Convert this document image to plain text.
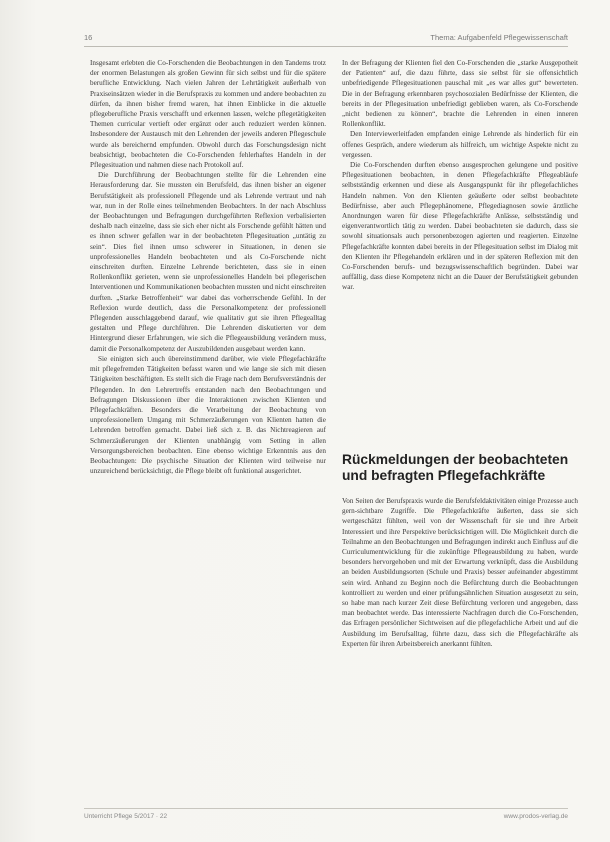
16	Thema: Aufgabenfeld Pflegewissenschaft

Insgesamt erlebten die Co-Forschenden die Beobachtungen in den Tandems trotz der enormen Belastungen als großen Gewinn für sich selbst und für die spätere berufliche Entwicklung. Nach vielen Jahren der Lehrtätigkeit außerhalb von Praxiseinsätzen wieder in die Berufspraxis zu kommen und andere beobachten zu dürfen, da ihnen bisher fremd waren, hat ihnen Einblicke in die aktuelle pflegeberufliche Praxis verschafft und erkennen lassen, welche pflegetätigkeiten Themen curricular vertieft oder ergänzt oder auch reduziert werden können. Insbesondere der Austausch mit den Lehrenden der jeweils anderen Pflegeschule wurde als bereichernd empfunden. Obwohl durch das Forschungsdesign nicht beabsichtigt, beobachteten die Co-Forschenden fehlerhaftes Handeln in der Pflegesituation und nahmen diese nach Protokoll auf.

Die Durchführung der Beobachtungen stellte für die Lehrenden eine Herausforderung dar. Sie mussten ein Berufsfeld, das ihnen bisher an eigener Berufstätigkeit als professionell Pflegende und als Lehrende vertraut und nah war, nun in der Rolle eines teilnehmenden Beobachters. In der nach Abschluss der Beobachtungen und Befragungen durchgeführten Reflexion verbalisierten deshalb nach einzelne, dass sie sich eher nicht als Forschende gefühlt hätten und es ihnen schwer gefallen war in der beobachteten Pflegesituation „untätig zu sein“. Dies fiel ihnen umso schwerer in Situationen, in denen sie unprofessionelles Handeln beobachteten und als Co-Forschende nicht einschreiten durften. Einzelne Lehrende berichteten, dass sie in einen Rollenkonflikt gerieten, wenn sie unprofessionelles Handeln bei pflegerischen Interventionen und Kommunikationen beobachten mussten und nicht einschreiten durften. „Starke Betroffenheit“ war dabei das vorherrschende Gefühl. In der Reflexion wurde deutlich, dass die Personalkompetenz der professionell Pflegenden ausschlaggebend darauf, wie qualitativ gut sie ihren Pflegealltag gestalten und Pflege durchführen. Die Lehrenden diskutierten vor dem Hintergrund dieser Erfahrungen, wie sich die Pflegeausbildung verändern muss, damit die Personalkompetenz der Auszubildenden ausgebaut werden kann.

Sie einigten sich auch übereinstimmend darüber, wie viele Pflegefachkräfte mit pflegefremden Tätigkeiten befasst waren und wie lange sie sich mit diesen Tätigkeiten beschäftigten. Es stellt sich die Frage nach dem Berufsverständnis der Pflegenden. In den Lehrertreffs entstanden nach den Beobachtungen und Befragungen Diskussionen über die Interaktionen zwischen Klienten und Pflegefachkräften. Besonders die Verarbeitung der Beobachtung von unprofessionellem Umgang mit Schmerzäußerungen von Klienten hatten die Lehrenden betroffen gemacht. Dabei ließ sich z. B. das Nichtreagieren auf Schmerzäußerungen der Klienten unabhängig vom Setting in allen Versorgungsbereichen beobachten. Eine ebenso wichtige Erkenntnis aus den Beobachtungen: Die psychische Situation der Klienten wird teilweise nur unzureichend berücksichtigt, die Pflege bleibt oft funktional ausgerichtet.

In der Befragung der Klienten fiel den Co-Forschenden die „starke Ausgepotheit der Patienten“ auf, die dazu führte, dass sie selbst für sie offensichtlich unbefriedigende Pflegesituationen pauschal mit „es war alles gut“ bewerteten. Die in der Befragung erkennbaren psychosozialen Bedürfnisse der Klienten, die bereits in der Pflegesituation unbefriedigt geblieben waren, als Co-Forschende „nicht bedienen zu können“, brachte die Lehrenden in einen inneren Rollenkonflikt.

Den Interviewerleitfaden empfanden einige Lehrende als hinderlich für ein offenes Gespräch, andere wiederum als hilfreich, um wichtige Aspekte nicht zu vergessen.

Die Co-Forschenden durften ebenso ausgesprochen gelungene und positive Pflegesituationen beobachten, in denen Pflegefachkräfte Pflegeabläufe selbstständig erkennen und diese als Ausgangspunkt für ihr pflegefachliches Handeln nahmen. Von den Klienten geäußerte oder selbst beobachtete Bedürfnisse, aber auch Pflegephänomene, Pflegediagnosen sowie ärztliche Anordnungen waren für diese Pflegefachkräfte Anlässe, selbstständig und eigenverantwortlich tätig zu werden. Dabei beobachteten sie dadurch, dass sie sowohl situationsals auch personenbezogen agierten und reagierten. Einzelne Pflegefachkräfte konnten dabei bereits in der Pflegesituation selbst im Dialog mit den Klienten ihr Pflegehandeln erklären und in der späteren Reflexion mit den Co-Forschenden berufs- und bezugswissenschaftlich begründen. Dabei war auffällig, dass diese Kompetenz nicht an die Dauer der Berufstätigkeit gebunden war.

Rückmeldungen der beobachteten und befragten Pflegefachkräfte

Von Seiten der Berufspraxis wurde die Berufsfeldaktivitäten einige Prozesse auch gern-sichtbare Zugriffe. Die Pflegefachkräfte äußerten, dass sie sich wertgeschätzt fühlten, weil von der Wissenschaft für sie und ihre Arbeit Interessiert und ihre Perspektive berücksichtigen will. Die Möglichkeit durch die Teilnahme an den Beobachtungen und Befragungen indirekt auch Einfluss auf die Curriculumentwicklung für die zukünftige Pflegeausbildung zu haben, wurde besonders hervorgehoben und mit der Erwartung verknüpft, dass die Ausbildung an beiden Ausbildungsorten (Schule und Praxis) besser aufeinander abgestimmt sein wird. Anhand zu Beginn noch die Befürchtung durch die Beobachtungen kontrolliert zu werden und einer prüfungsähnlichen Situation ausgesetzt zu sein, so habe man nach kurzer Zeit diese Befürchtung verloren und angegeben, dass man beobachtet werde. Das interessierte Nachfragen durch die Co-Forschenden, das Erfragen persönlicher Sichtweisen auf die pflegefachliche Arbeit und auf die Ausbildung im Berufsalltag, führte dazu, dass sich die Pflegefachkräfte als Experten für ihren Arbeitsbereich anerkannt fühlten.

Unterricht Pflege 5/2017 · 22	www.prodos-verlag.de
